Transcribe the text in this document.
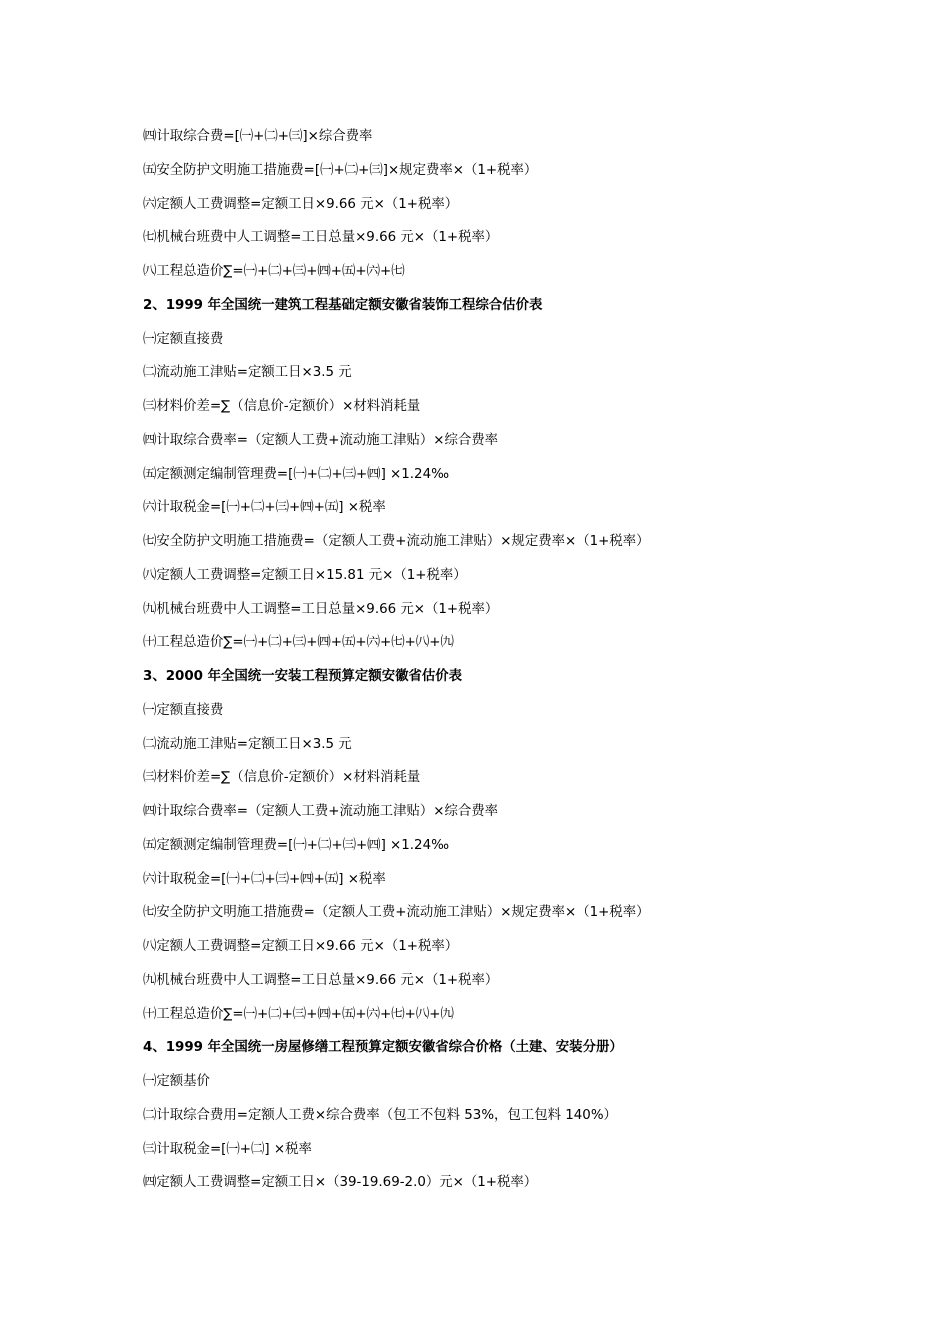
㈣计取综合费=[㈠+㈡+㈢]×综合费率
㈤安全防护文明施工措施费=[㈠+㈡+㈢]×规定费率×（1+税率）
㈥定额人工费调整=定额工日×9.66 元×（1+税率）
㈦机械台班费中人工调整=工日总量×9.66 元×（1+税率）
㈧工程总造价∑=㈠+㈡+㈢+㈣+㈤+㈥+㈦
2、1999 年全国统一建筑工程基础定额安徽省装饰工程综合估价表
㈠定额直接费
㈡流动施工津贴=定额工日×3.5 元
㈢材料价差=∑（信息价-定额价）×材料消耗量
㈣计取综合费率=（定额人工费+流动施工津贴）×综合费率
㈤定额测定编制管理费=[㈠+㈡+㈢+㈣] ×1.24‰
㈥计取税金=[㈠+㈡+㈢+㈣+㈤] ×税率
㈦安全防护文明施工措施费=（定额人工费+流动施工津贴）×规定费率×（1+税率）
㈧定额人工费调整=定额工日×15.81 元×（1+税率）
㈨机械台班费中人工调整=工日总量×9.66 元×（1+税率）
㈩工程总造价∑=㈠+㈡+㈢+㈣+㈤+㈥+㈦+㈧+㈨
3、2000 年全国统一安装工程预算定额安徽省估价表
㈠定额直接费
㈡流动施工津贴=定额工日×3.5 元
㈢材料价差=∑（信息价-定额价）×材料消耗量
㈣计取综合费率=（定额人工费+流动施工津贴）×综合费率
㈤定额测定编制管理费=[㈠+㈡+㈢+㈣] ×1.24‰
㈥计取税金=[㈠+㈡+㈢+㈣+㈤] ×税率
㈦安全防护文明施工措施费=（定额人工费+流动施工津贴）×规定费率×（1+税率）
㈧定额人工费调整=定额工日×9.66 元×（1+税率）
㈨机械台班费中人工调整=工日总量×9.66 元×（1+税率）
㈩工程总造价∑=㈠+㈡+㈢+㈣+㈤+㈥+㈦+㈧+㈨
4、1999 年全国统一房屋修缮工程预算定额安徽省综合价格（土建、安装分册）
㈠定额基价
㈡计取综合费用=定额人工费×综合费率（包工不包料 53%，包工包料 140%）
㈢计取税金=[㈠+㈡] ×税率
㈣定额人工费调整=定额工日×（39-19.69-2.0）元×（1+税率）
